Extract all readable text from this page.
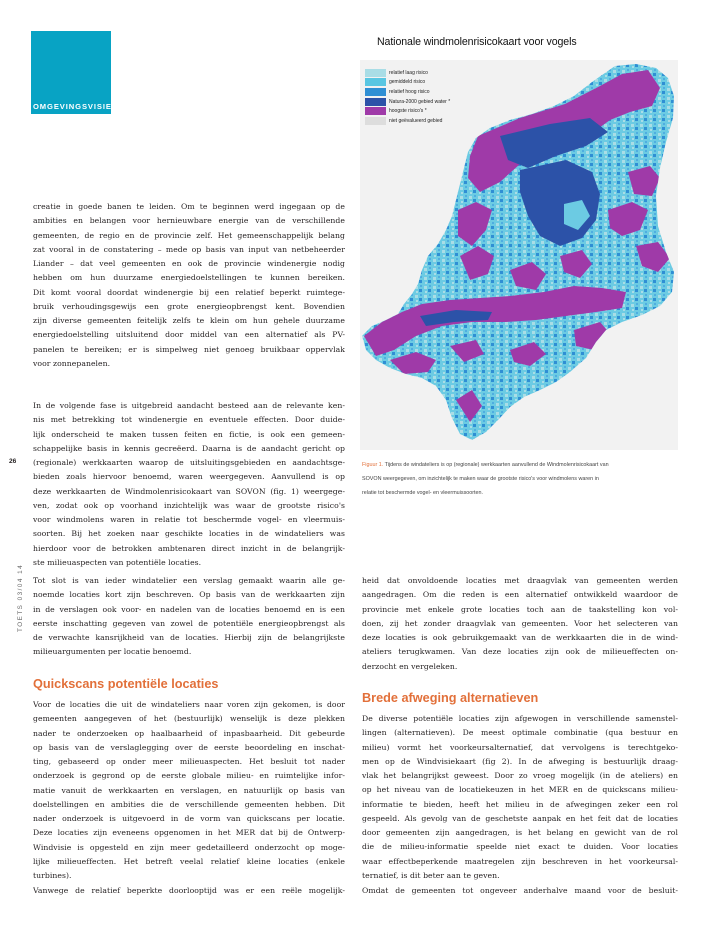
OMGEVINGSVISIE
Nationale windmolenrisicokaart voor vogels
relatief laag risico
gemiddeld risico
relatief hoog risico
Natura-2000 gebied water *
hoogste risico's *
niet geëvalueerd gebied
Figuur 1. Tijdens de windateliers is op (regionale) werkkaarten aanvullend de Windmolenrisicokaart van
SOVON weergegeven, om inzichtelijk te maken waar de grootste risico's voor windmolens waren in
relatie tot beschermde vogel- en vleermuissoorten.
26
TOETS 03/04 14
creatie in goede banen te leiden. Om te beginnen werd ingegaan op de
ambities en belangen voor hernieuwbare energie van de verschillende
gemeenten, de regio en de provincie zelf. Het gemeenschappelijk belang
zat vooral in de constatering – mede op basis van input van netbeheerder
Liander – dat veel gemeenten en ook de provincie windenergie nodig
hebben om hun duurzame energiedoelstellingen te kunnen bereiken.
Dit komt vooral doordat windenergie bij een relatief beperkt ruimtege-
bruik verhoudingsgewijs een grote energieopbrengst kent. Bovendien
zijn diverse gemeenten feitelijk zelfs te klein om hun gehele duurzame
energiedoelstelling uitsluitend door middel van een alternatief als PV-
panelen te bereiken; er is simpelweg niet genoeg bruikbaar oppervlak
voor zonnepanelen.
In de volgende fase is uitgebreid aandacht besteed aan de relevante ken-
nis met betrekking tot windenergie en eventuele effecten. Door duide-
lijk onderscheid te maken tussen feiten en fictie, is ook een gemeen-
schappelijke basis in kennis gecreëerd. Daarna is de aandacht gericht op
(regionale) werkkaarten waarop de uitsluitingsgebieden en aandachtsge-
bieden zoals hiervoor benoemd, waren weergegeven. Aanvullend is op
deze werkkaarten de Windmolenrisicokaart van SOVON (fig. 1) weergege-
ven, zodat ook op voorhand inzichtelijk was waar de grootste risico's
voor windmolens waren in relatie tot beschermde vogel- en vleermuis-
soorten. Bij het zoeken naar geschikte locaties in de windateliers was
hierdoor voor de betrokken ambtenaren direct inzicht in de belangrijk-
ste milieuaspecten van potentiële locaties.
Tot slot is van ieder windatelier een verslag gemaakt waarin alle ge-
noemde locaties kort zijn beschreven. Op basis van de werkkaarten zijn
in de verslagen ook voor- en nadelen van de locaties benoemd en is een
eerste inschatting gegeven van zowel de potentiële energieopbrengst als
de verwachte kansrijkheid van de locaties. Hierbij zijn de belangrijkste
milieuargumenten per locatie benoemd.
Quickscans potentiële locaties
Voor de locaties die uit de windateliers naar voren zijn gekomen, is door
gemeenten aangegeven of het (bestuurlijk) wenselijk is deze plekken
nader te onderzoeken op haalbaarheid of inpasbaarheid. Dit gebeurde
op basis van de verslaglegging over de eerste beoordeling en inschat-
ting, gebaseerd op onder meer milieuaspecten. Het besluit tot nader
onderzoek is gegrond op de eerste globale milieu- en ruimtelijke infor-
matie vanuit de werkkaarten en verslagen, en natuurlijk op basis van
doelstellingen en ambities die de verschillende gemeenten hebben. Dit
nader onderzoek is uitgevoerd in de vorm van quickscans per locatie.
Deze locaties zijn eveneens opgenomen in het MER dat bij de Ontwerp-
Windvisie is opgesteld en zijn meer gedetailleerd onderzocht op moge-
lijke milieueffecten. Het betreft veelal relatief kleine locaties (enkele
turbines).
Vanwege de relatief beperkte doorlooptijd was er een reële mogelijk-
heid dat onvoldoende locaties met draagvlak van gemeenten werden
aangedragen. Om die reden is een alternatief ontwikkeld waardoor de
provincie met enkele grote locaties toch aan de taakstelling kon vol-
doen, zij het zonder draagvlak van gemeenten. Voor het selecteren van
deze locaties is ook gebruikgemaakt van de werkkaarten die in de wind-
ateliers terugkwamen. Van deze locaties zijn ook de milieueffecten on-
derzocht en vergeleken.
Brede afweging alternatieven
De diverse potentiële locaties zijn afgewogen in verschillende samenstel-
lingen (alternatieven). De meest optimale combinatie (qua bestuur en
milieu) vormt het voorkeursalternatief, dat vervolgens is terechtgeko-
men op de Windvisiekaart (fig 2). In de afweging is bestuurlijk draag-
vlak het belangrijkst geweest. Door zo vroeg mogelijk (in de ateliers) en
op het niveau van de locatiekeuzen in het MER en de quickscans milieu-
informatie te bieden, heeft het milieu in de afwegingen zeker een rol
gespeeld. Als gevolg van de geschetste aanpak en het feit dat de locaties
door gemeenten zijn aangedragen, is het belang en gewicht van de rol
die de milieu-informatie speelde niet exact te duiden. Voor locaties
waar effectbeperkende maatregelen zijn beschreven in het voorkeursal-
ternatief, is dit beter aan te geven.
Omdat de gemeenten tot ongeveer anderhalve maand voor de besluit-
